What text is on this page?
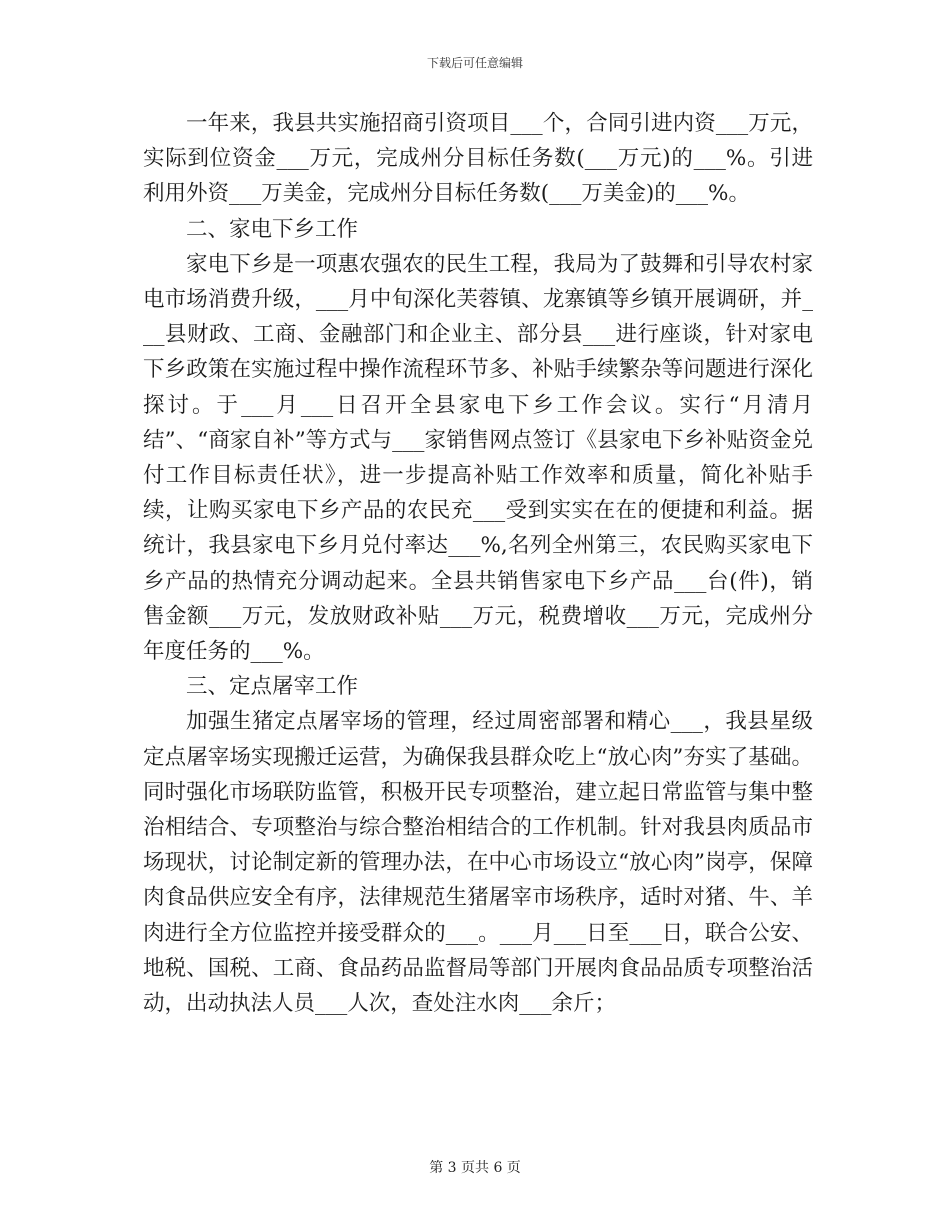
下载后可任意编辑

一年来，我县共实施招商引资项目___个，合同引进内资___万元，实际到位资金___万元，完成州分目标任务数(___万元)的___%。引进利用外资___万美金，完成州分目标任务数(___万美金)的___%。

二、家电下乡工作

家电下乡是一项惠农强农的民生工程，我局为了鼓舞和引导农村家电市场消费升级，___月中旬深化芙蓉镇、龙寨镇等乡镇开展调研，并___县财政、工商、金融部门和企业主、部分县___进行座谈，针对家电下乡政策在实施过程中操作流程环节多、补贴手续繁杂等问题进行深化探讨。于___月___日召开全县家电下乡工作会议。实行“月清月结”、“商家自补”等方式与___家销售网点签订《县家电下乡补贴资金兑付工作目标责任状》，进一步提高补贴工作效率和质量，简化补贴手续，让购买家电下乡产品的农民充___受到实实在在的便捷和利益。据统计，我县家电下乡月兑付率达___%,名列全州第三，农民购买家电下乡产品的热情充分调动起来。全县共销售家电下乡产品___台(件)，销售金额___万元，发放财政补贴___万元，税费增收___万元，完成州分年度任务的___%。

三、定点屠宰工作

加强生猪定点屠宰场的管理，经过周密部署和精心___，我县星级定点屠宰场实现搬迁运营，为确保我县群众吃上“放心肉”夯实了基础。同时强化市场联防监管，积极开民专项整治，建立起日常监管与集中整治相结合、专项整治与综合整治相结合的工作机制。针对我县肉质品市场现状，讨论制定新的管理办法，在中心市场设立“放心肉”岗亭，保障肉食品供应安全有序，法律规范生猪屠宰市场秩序，适时对猪、牛、羊肉进行全方位监控并接受群众的___。___月___日至___日，联合公安、地税、国税、工商、食品药品监督局等部门开展肉食品品质专项整治活动，出动执法人员___人次，查处注水肉___余斤；

第 3 页共 6 页
